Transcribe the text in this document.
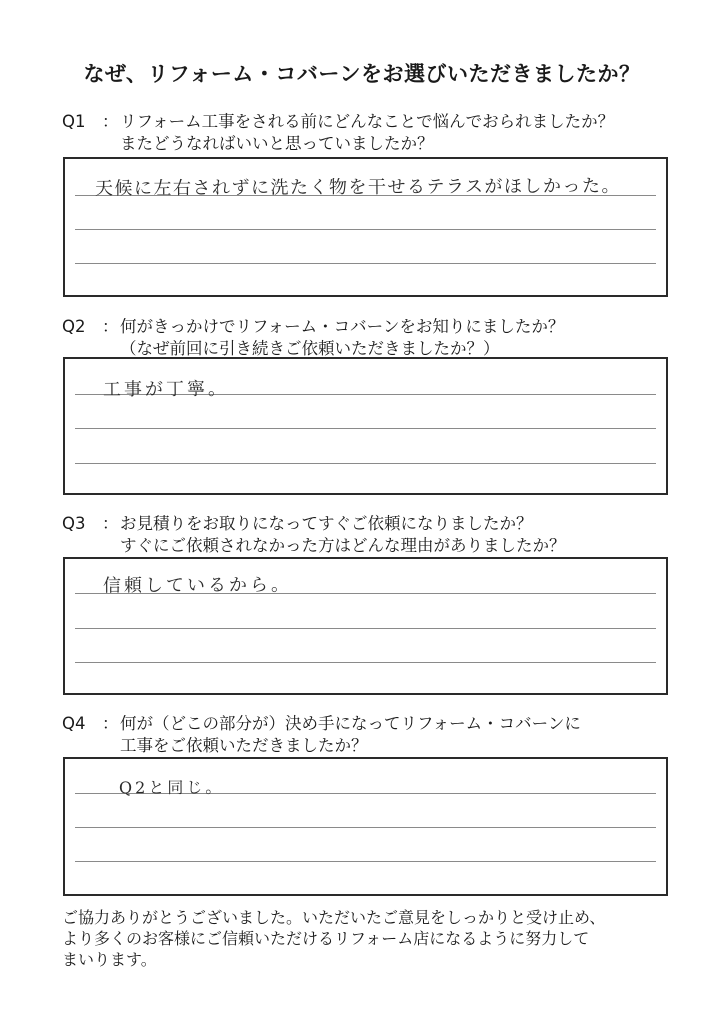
なぜ、リフォーム・コバーンをお選びいただきましたか？
Q1 ：リフォーム工事をされる前にどんなことで悩んでおられましたか？
またどうなればいいと思っていましたか？
天候に左右されずに洗たく物を干せるテラスがほしかった。
Q2 ：何がきっかけでリフォーム・コバーンをお知りにましたか？
（なぜ前回に引き続きご依頼いただきましたか？）
工事が丁寧。
Q3 ：お見積りをお取りになってすぐご依頼になりましたか？
すぐにご依頼されなかった方はどんな理由がありましたか？
信頼しているから。
Q4 ：何が（どこの部分が）決め手になってリフォーム・コバーンに
工事をご依頼いただきましたか？
Q2と同じ。
ご協力ありがとうございました。いただいたご意見をしっかりと受け止め、
より多くのお客様にご信頼いただけるリフォーム店になるように努力して
まいります。
